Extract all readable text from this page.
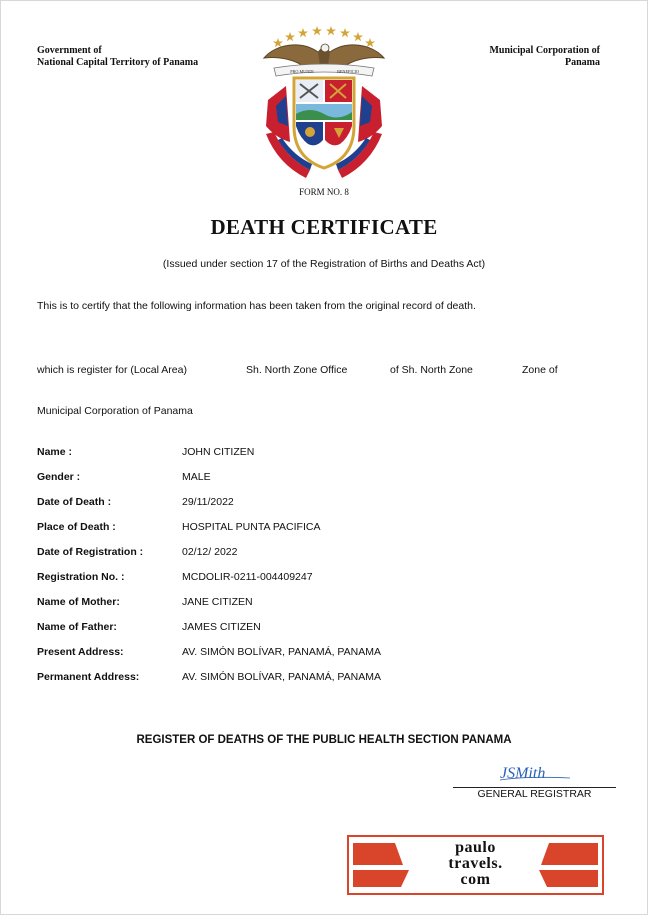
Government of
National Capital Territory of Panama
Municipal Corporation of
Panama
PRO MUNDI	BENEFICIO
FORM NO. 8
DEATH CERTIFICATE
(Issued under section 17 of the Registration of Births and Deaths Act)
This is to certify that the following information has been taken from the original record of death.
which is register for (Local Area)	Sh. North Zone Office	of Sh. North Zone	Zone of
Municipal Corporation of Panama
Name :	JOHN CITIZEN
Gender :	MALE
Date of Death :	29/11/2022
Place of Death :	HOSPITAL PUNTA PACIFICA
Date of Registration :	02/12/ 2022
Registration No. :	MCDOLIR-0211-004409247
Name of Mother:	JANE CITIZEN
Name of Father:	JAMES CITIZEN
Present Address:	AV. SIMÓN BOLÍVAR, PANAMÁ, PANAMA
Permanent Address:	AV. SIMÓN BOLÍVAR, PANAMÁ, PANAMA
REGISTER OF DEATHS OF THE PUBLIC HEALTH SECTION PANAMA
JSMith
GENERAL REGISTRAR
paulo
travels.
com
